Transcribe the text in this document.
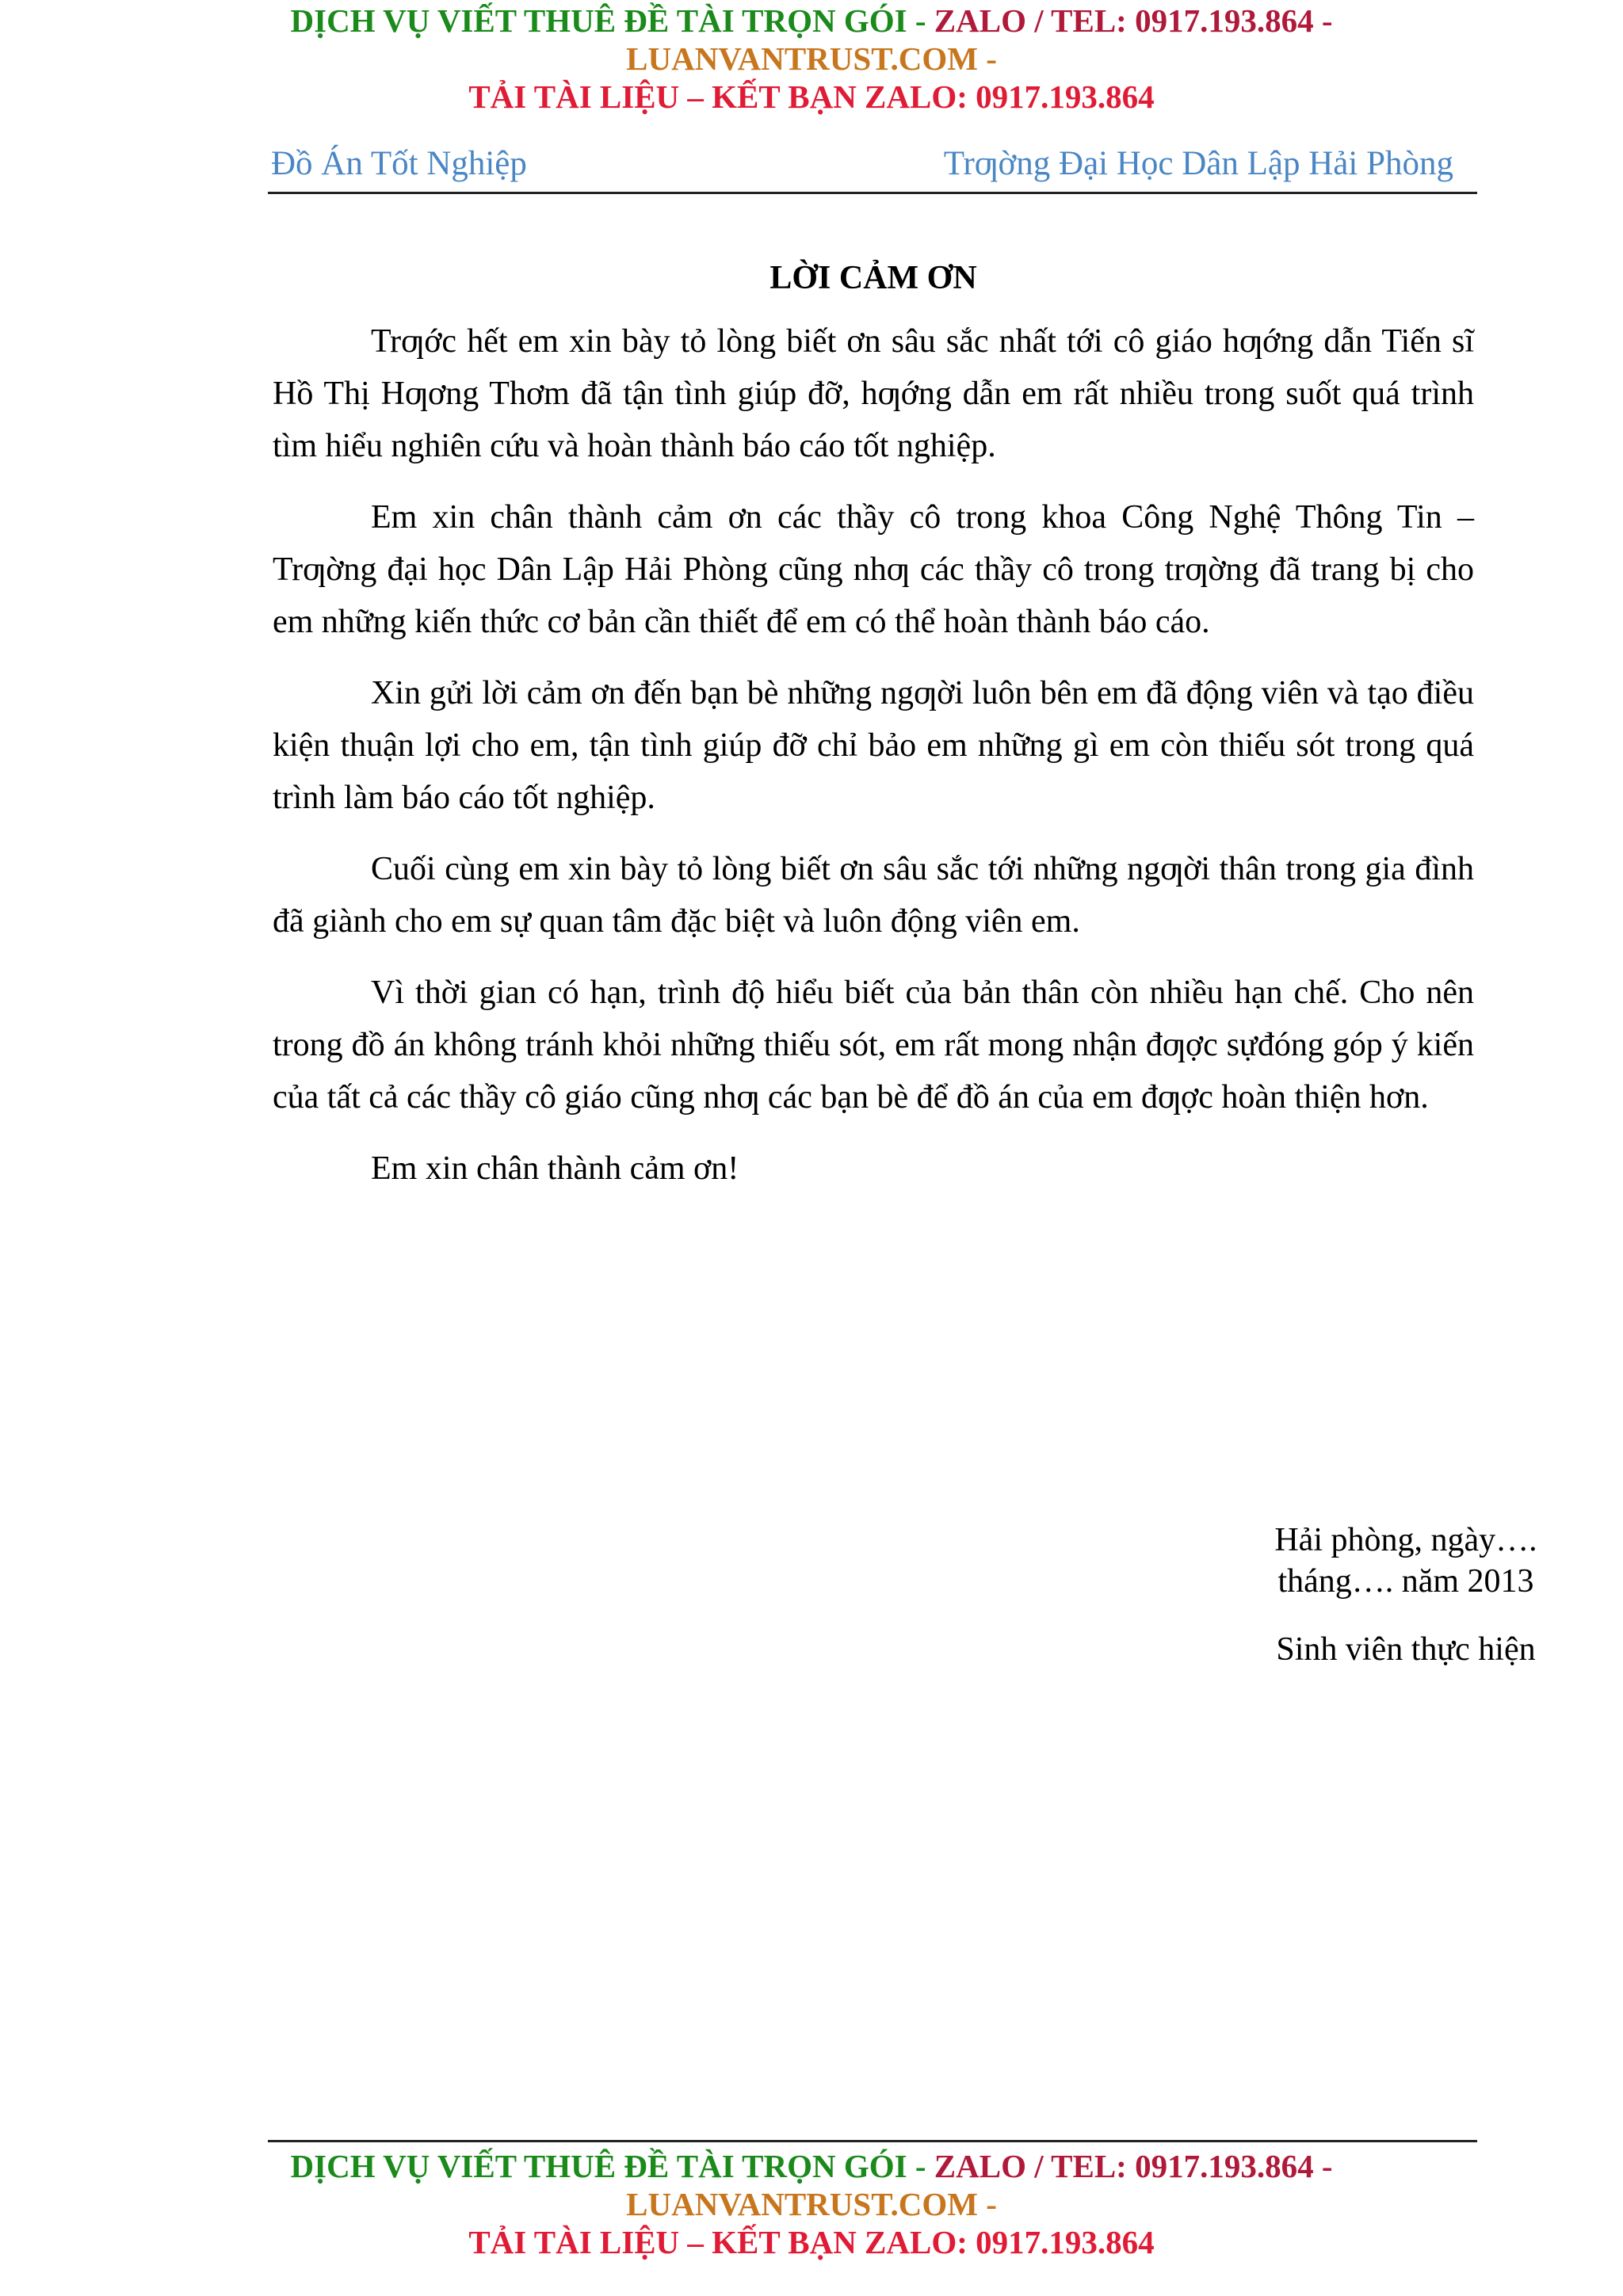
DỊCH VỤ VIẾT THUÊ ĐỀ TÀI TRỌN GÓI - ZALO / TEL: 0917.193.864 -
LUANVANTRUST.COM -
TẢI TÀI LIỆU – KẾT BẠN ZALO: 0917.193.864
Đồ Án Tốt Nghiệp	Trƣờng Đại Học Dân Lập Hải Phòng
LỜI CẢM ƠN

Trƣớc hết em xin bày tỏ lòng biết ơn sâu sắc nhất tới cô giáo hƣớng dẫn Tiến sĩ Hồ Thị Hƣơng Thơm đã tận tình giúp đỡ, hƣớng dẫn em rất nhiều trong suốt quá trình tìm hiểu nghiên cứu và hoàn thành báo cáo tốt nghiệp.

Em xin chân thành cảm ơn các thầy cô trong khoa Công Nghệ Thông Tin – Trƣờng đại học Dân Lập Hải Phòng cũng nhƣ các thầy cô trong trƣờng đã trang bị cho em những kiến thức cơ bản cần thiết để em có thể hoàn thành báo cáo.

Xin gửi lời cảm ơn đến bạn bè những ngƣời luôn bên em đã động viên và tạo điều kiện thuận lợi cho em, tận tình giúp đỡ chỉ bảo em những gì em còn thiếu sót trong quá trình làm báo cáo tốt nghiệp.

Cuối cùng em xin bày tỏ lòng biết ơn sâu sắc tới những ngƣời thân trong gia đình đã giành cho em sự quan tâm đặc biệt và luôn động viên em.

Vì thời gian có hạn, trình độ hiểu biết của bản thân còn nhiều hạn chế. Cho nên trong đồ án không tránh khỏi những thiếu sót, em rất mong nhận đƣợc sựđóng góp ý kiến của tất cả các thầy cô giáo cũng nhƣ các bạn bè để đồ án của em đƣợc hoàn thiện hơn.

Em xin chân thành cảm ơn!

Hải phòng, ngày…. tháng…. năm 2013
Sinh viên thực hiện
DỊCH VỤ VIẾT THUÊ ĐỀ TÀI TRỌN GÓI - ZALO / TEL: 0917.193.864 -
LUANVANTRUST.COM -
TẢI TÀI LIỆU – KẾT BẠN ZALO: 0917.193.864
